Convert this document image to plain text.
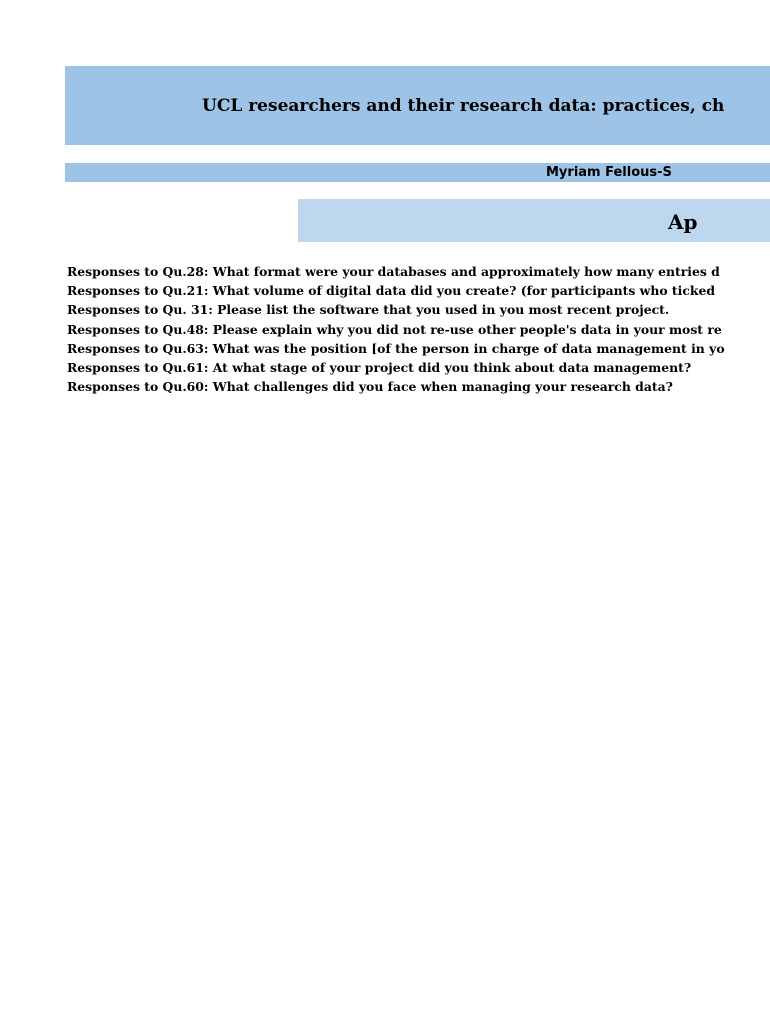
UCL researchers and their research data: practices, ch
Myriam Fellous-S
Ap
Responses to Qu.28: What format were your databases and approximately how many entries d
Responses to Qu.21: What volume of digital data did you create? (for participants who ticked
Responses to Qu. 31: Please list the software that you used in you most recent project.
Responses to Qu.48: Please explain why you did not re-use other people's data in your most re
Responses to Qu.63: What was the position [of the person in charge of data management in yo
Responses to Qu.61: At what stage of your project did you think about data management?
Responses to Qu.60: What challenges did you face when managing your research data?
